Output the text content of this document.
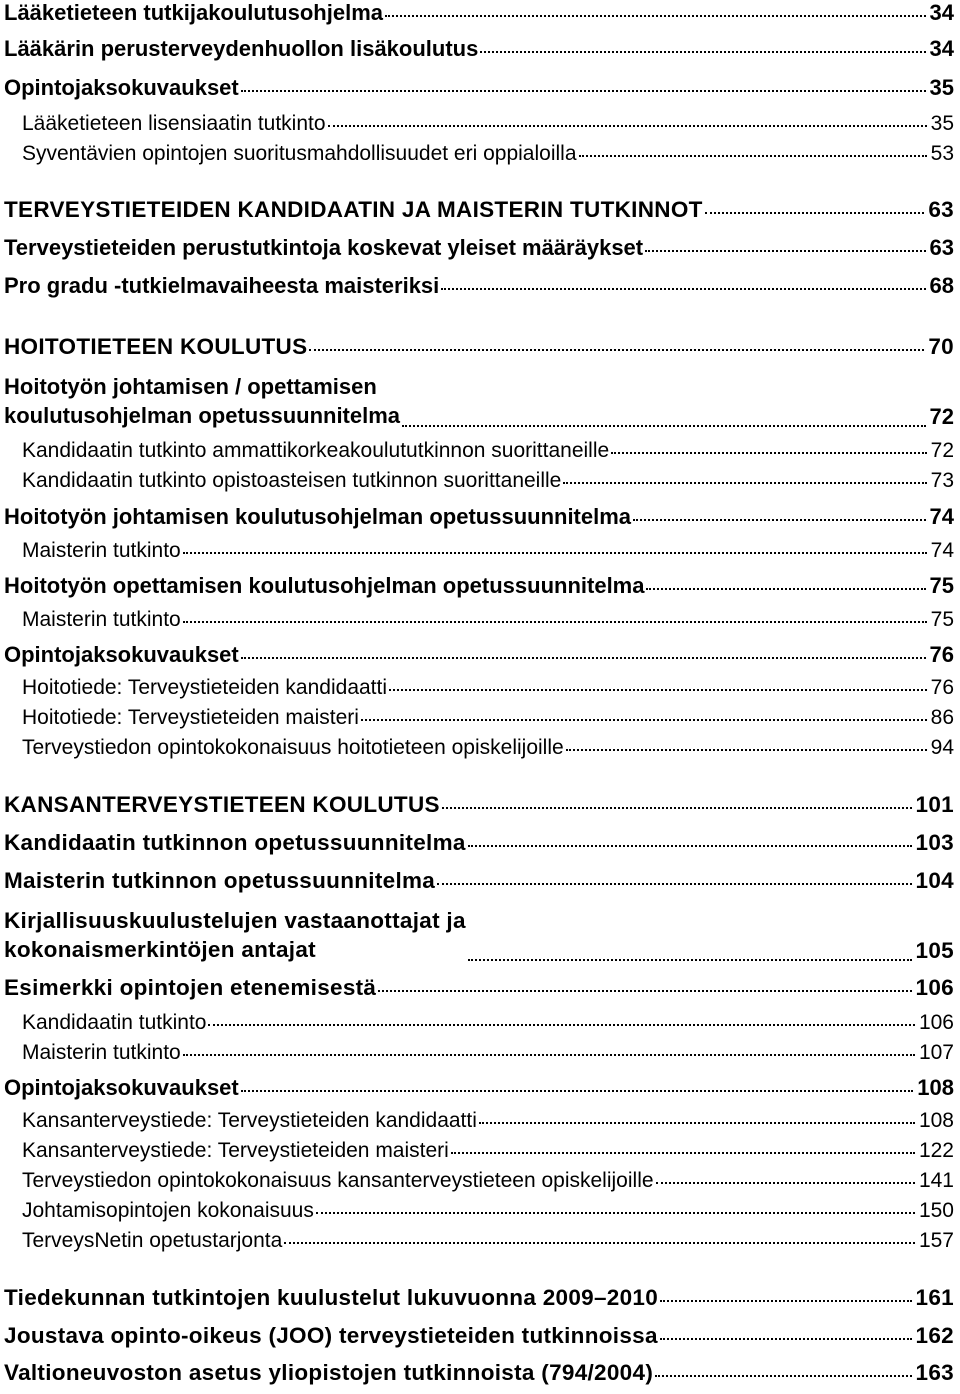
Lääketieteen tutkijakoulutusohjelma	34
Lääkärin perusterveydenhuollon lisäkoulutus	34
Opintojaksokuvaukset	35
Lääketieteen lisensiaatin tutkinto	35
Syventävien opintojen suoritusmahdollisuudet eri oppialoilla	53
TERVEYSTIETEIDEN KANDIDAATIN JA MAISTERIN TUTKINNOT	63
Terveystieteiden perustutkintoja koskevat yleiset määräykset	63
Pro gradu -tutkielmavaiheesta maisteriksi	68
HOITOTIETEEN KOULUTUS	70
Hoitotyön johtamisen / opettamisen
koulutusohjelman opetussuunnitelma	72
Kandidaatin tutkinto ammattikorkeakoulututkinnon suorittaneille	72
Kandidaatin tutkinto opistoasteisen tutkinnon suorittaneille	73
Hoitotyön johtamisen koulutusohjelman opetussuunnitelma	74
Maisterin tutkinto	74
Hoitotyön opettamisen koulutusohjelman opetussuunnitelma	75
Maisterin tutkinto	75
Opintojaksokuvaukset	76
Hoitotiede: Terveystieteiden kandidaatti	76
Hoitotiede: Terveystieteiden maisteri	86
Terveystiedon opintokokonaisuus hoitotieteen opiskelijoille	94
KANSANTERVEYSTIETEEN KOULUTUS	101
Kandidaatin tutkinnon opetussuunnitelma	103
Maisterin tutkinnon opetussuunnitelma	104
Kirjallisuuskuulustelujen vastaanottajat ja
kokonaismerkintöjen antajat	105
Esimerkki opintojen etenemisestä	106
Kandidaatin tutkinto	106
Maisterin tutkinto	107
Opintojaksokuvaukset	108
Kansanterveystiede: Terveystieteiden kandidaatti	108
Kansanterveystiede: Terveystieteiden maisteri	122
Terveystiedon opintokokonaisuus kansanterveystieteen opiskelijoille	141
Johtamisopintojen kokonaisuus	150
TerveysNetin opetustarjonta	157
Tiedekunnan tutkintojen kuulustelut lukuvuonna 2009–2010	161
Joustava opinto-oikeus (JOO) terveystieteiden tutkinnoissa	162
Valtioneuvoston asetus yliopistojen tutkinnoista (794/2004)	163
